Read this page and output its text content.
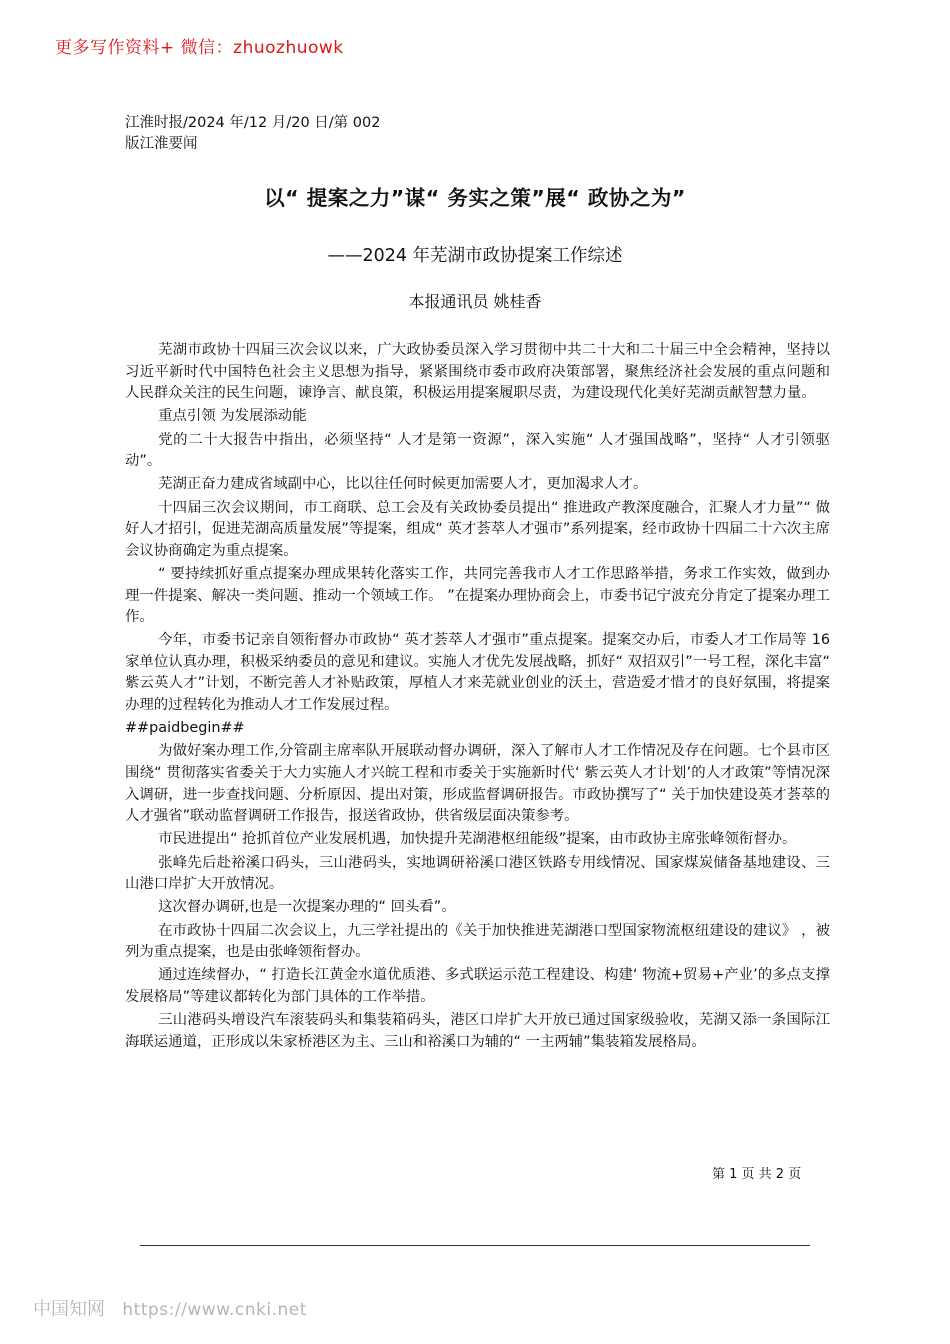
更多写作资料+ 微信：zhuozhuowk
江淮时报/2024 年/12 月/20 日/第 002
版江淮要闻
以“ 提案之力”谋“ 务实之策”展“ 政协之为”
——2024 年芜湖市政协提案工作综述
本报通讯员 姚桂香

芜湖市政协十四届三次会议以来，广大政协委员深入学习贯彻中共二十大和二十届三中全会精神，坚持以习近平新时代中国特色社会主义思想为指导，紧紧围绕市委市政府决策部署，聚焦经济社会发展的重点问题和人民群众关注的民生问题，谏诤言、献良策，积极运用提案履职尽责，为建设现代化美好芜湖贡献智慧力量。

重点引领 为发展添动能

党的二十大报告中指出，必须坚持“ 人才是第一资源”，深入实施“ 人才强国战略”，坚持“ 人才引领驱动”。

芜湖正奋力建成省域副中心，比以往任何时候更加需要人才，更加渴求人才。

十四届三次会议期间，市工商联、总工会及有关政协委员提出“ 推进政产教深度融合，汇聚人才力量”“ 做好人才招引，促进芜湖高质量发展”等提案，组成“ 英才荟萃人才强市”系列提案，经市政协十四届二十六次主席会议协商确定为重点提案。

“ 要持续抓好重点提案办理成果转化落实工作，共同完善我市人才工作思路举措，务求工作实效，做到办理一件提案、解决一类问题、推动一个领域工作。 ”在提案办理协商会上，市委书记宁波充分肯定了提案办理工作。

今年，市委书记亲自领衔督办市政协“ 英才荟萃人才强市”重点提案。提案交办后，市委人才工作局等 16 家单位认真办理，积极采纳委员的意见和建议。实施人才优先发展战略，抓好“ 双招双引”一号工程，深化丰富“ 紫云英人才”计划，不断完善人才补贴政策，厚植人才来芜就业创业的沃土，营造爱才惜才的良好氛围，将提案办理的过程转化为推动人才工作发展过程。

##paidbegin##

为做好案办理工作,分管副主席率队开展联动督办调研，深入了解市人才工作情况及存在问题。七个县市区围绕“ 贯彻落实省委关于大力实施人才兴皖工程和市委关于实施新时代‘ 紫云英人才计划’的人才政策”等情况深入调研，进一步查找问题、分析原因、提出对策，形成监督调研报告。市政协撰写了“ 关于加快建设英才荟萃的人才强省”联动监督调研工作报告，报送省政协，供省级层面决策参考。

市民进提出“ 抢抓首位产业发展机遇，加快提升芜湖港枢纽能级”提案，由市政协主席张峰领衔督办。

张峰先后赴裕溪口码头，三山港码头，实地调研裕溪口港区铁路专用线情况、国家煤炭储备基地建设、三山港口岸扩大开放情况。

这次督办调研,也是一次提案办理的“ 回头看”。

在市政协十四届二次会议上，九三学社提出的《关于加快推进芜湖港口型国家物流枢纽建设的建议》 ，被列为重点提案，也是由张峰领衔督办。

通过连续督办，“ 打造长江黄金水道优质港、多式联运示范工程建设、构建‘ 物流+贸易+产业’的多点支撑发展格局”等建议都转化为部门具体的工作举措。

三山港码头增设汽车滚装码头和集装箱码头，港区口岸扩大开放已通过国家级验收，芜湖又添一条国际江海联运通道，正形成以朱家桥港区为主、三山和裕溪口为辅的“ 一主两辅”集装箱发展格局。

第 1 页 共 2 页
中国知网 https://www.cnki.net
